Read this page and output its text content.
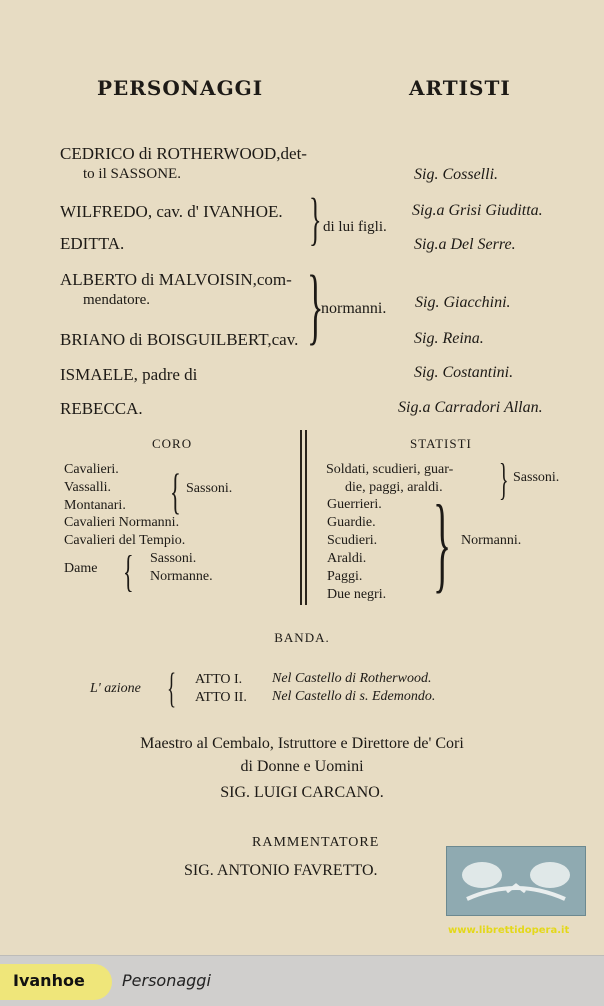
PERSONAGGI	ARTISTI
CEDRICO di ROTHERWOOD,det-
to il SASSONE.
WILFREDO, cav. d' IVANHOE.
EDITTA.	} di lui figli.
ALBERTO di MALVOISIN,com-
mendatore.
BRIANO di BOISGUILBERT,cav. }
normanni.
ISMAELE, padre di
REBECCA.
Sig. Cosselli.
Sig.a Grisi Giuditta.
Sig.a Del Serre.
Sig. Giacchini.
Sig. Reina.
Sig. Costantini.
Sig.a Carradori Allan.
CORO
Cavalieri.
Vassalli.
Montanari. { Sassoni.
Cavalieri Normanni.
Cavalieri del Tempio.
Dame { Sassoni.
Normanne.
STATISTI
Soldati, scudieri, guar-
die, paggi, araldi. } Sassoni.
Guerrieri.
Guardie.
Scudieri.
Araldi.
Paggi.
Due negri. } Normanni.
BANDA.
L' azione { ATTO I. Nel Castello di Rotherwood.
ATTO II. Nel Castello di s. Edemondo.
Maestro al Cembalo, Istruttore e Direttore de' Cori
di Donne e Uomini
SIG. LUIGI CARCANO.
RAMMENTATORE
SIG. ANTONIO FAVRETTO.
www.librettidopera.it
Ivanhoe Personaggi
